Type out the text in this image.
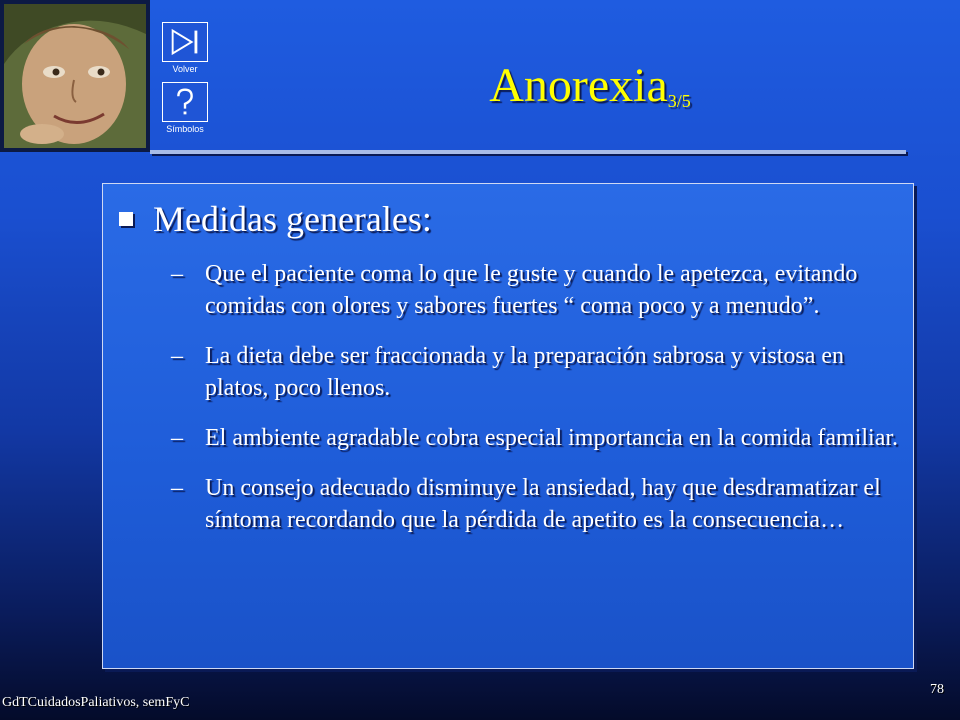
Volver
Símbolos
Anorexia$_{3/5}$
Medidas generales:
– Que el paciente coma lo que le guste y cuando le apetezca, evitando comidas con olores y sabores fuertes “ coma poco y a menudo”.
– La dieta debe ser fraccionada y la preparación sabrosa y vistosa en platos, poco llenos.
– El ambiente agradable cobra especial importancia en la comida familiar.
– Un consejo adecuado disminuye la ansiedad, hay que desdramatizar el síntoma recordando que la pérdida de apetito es la consecuencia…
GdTCuidadosPaliativos, semFyC
78
